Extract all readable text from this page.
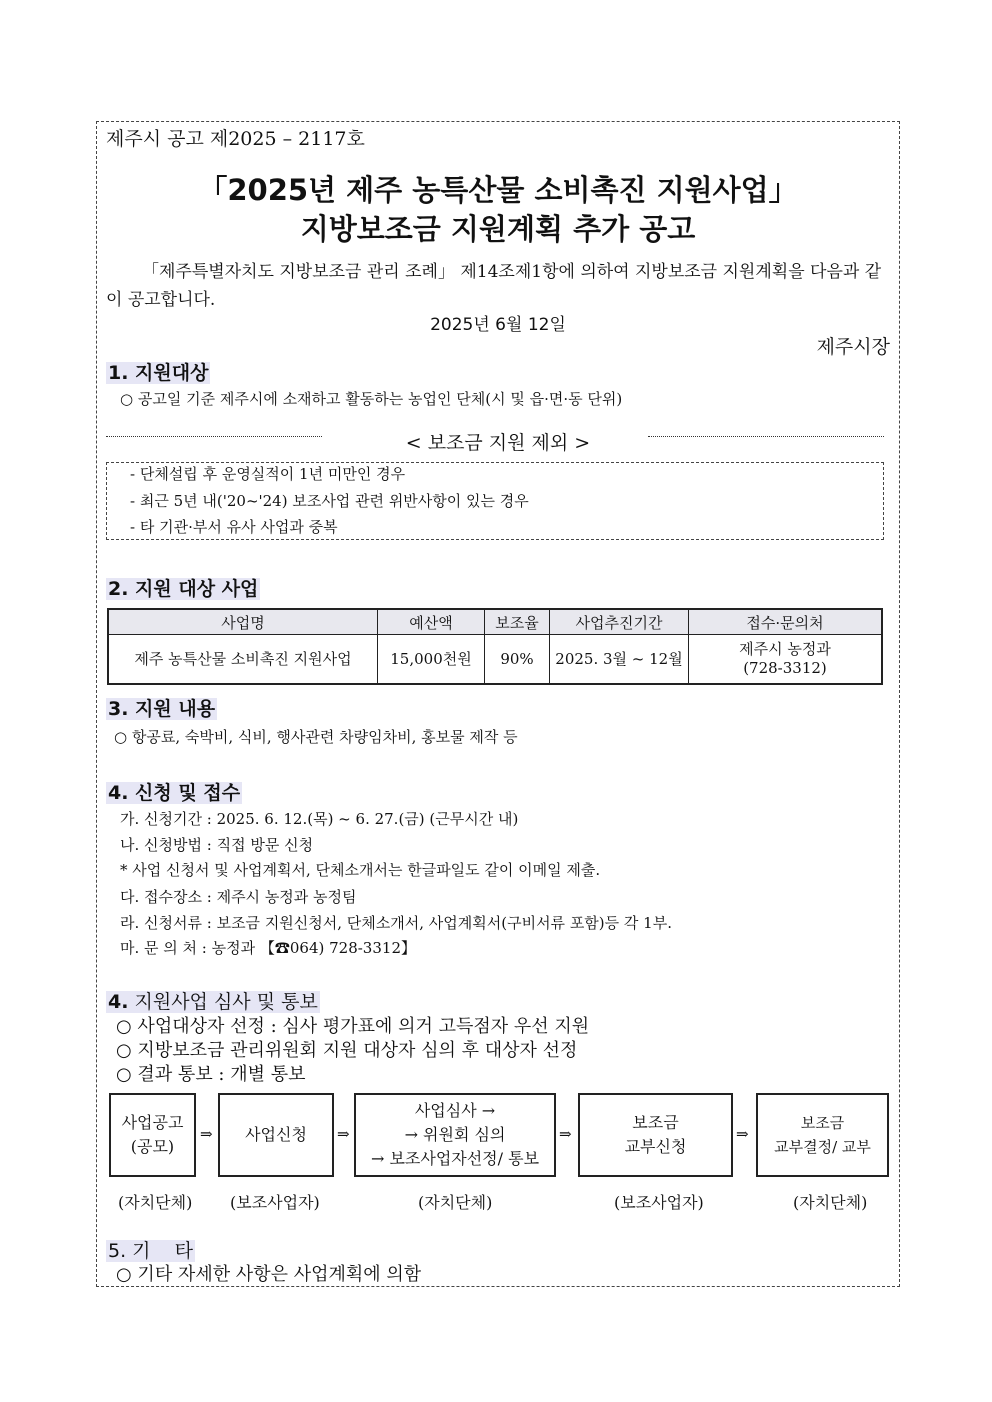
제주시 공고 제2025 – 2117호
「2025년 제주 농특산물 소비촉진 지원사업」
지방보조금 지원계획 추가 공고
「제주특별자치도 지방보조금 관리 조례」 제14조제1항에 의하여 지방보조금 지원계획을 다음과 같이 공고합니다.
2025년 6월 12일
제주시장
1. 지원대상
○ 공고일 기준 제주시에 소재하고 활동하는 농업인 단체(시 및 읍·면·동 단위)
< 보조금 지원 제외 >
- 단체설립 후 운영실적이 1년 미만인 경우
- 최근 5년 내('20~'24) 보조사업 관련 위반사항이 있는 경우
- 타 기관·부서 유사 사업과 중복
2. 지원 대상 사업
사업명	예산액	보조율	사업추진기간	접수·문의처
제주 농특산물 소비촉진 지원사업	15,000천원	90%	2025. 3월 ~ 12월	제주시 농정과
(728-3312)
3. 지원 내용
○ 항공료, 숙박비, 식비, 행사관련 차량임차비, 홍보물 제작 등
4. 신청 및 접수
가. 신청기간 : 2025. 6. 12.(목) ~ 6. 27.(금) (근무시간 내)
나. 신청방법 : 직접 방문 신청
* 사업 신청서 및 사업계획서, 단체소개서는 한글파일도 같이 이메일 제출.
다. 접수장소 : 제주시 농정과 농정팀
라. 신청서류 : 보조금 지원신청서, 단체소개서, 사업계획서(구비서류 포함)등 각 1부.
마. 문 의 처 : 농정과 【☎064) 728-3312】
4. 지원사업 심사 및 통보
○ 사업대상자 선정 : 심사 평가표에 의거 고득점자 우선 지원
○ 지방보조금 관리위원회 지원 대상자 심의 후 대상자 선정
○ 결과 통보 : 개별 통보
사업공고
(공모)
⇒ 사업신청 ⇒
사업심사 →
→ 위원회 심의
→ 보조사업자선정/ 통보
⇒
보조금
교부신청
⇒
보조금
교부결정/ 교부
(자치단체) (보조사업자)	(자치단체)	(보조사업자)	(자치단체)
5. 기    타
○ 기타 자세한 사항은 사업계획에 의함
